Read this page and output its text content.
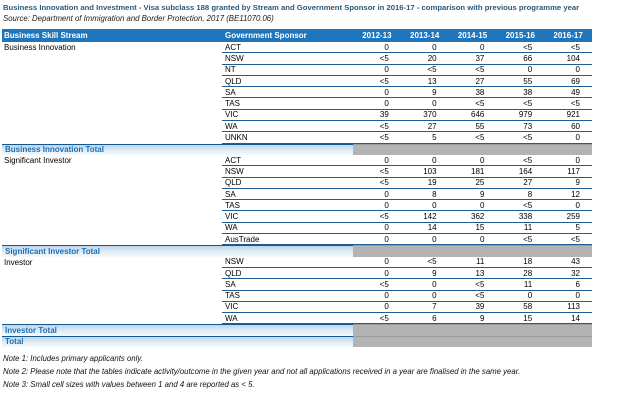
Business Innovation and Investment - Visa subclass 188 granted by Stream and Government Sponsor in 2016-17 - comparison with previous programme year
Source: Department of Immigration and Border Protection, 2017 (BE11070.06)
Business Skill Stream	Government Sponsor	2012-13	2013-14	2014-15	2015-16	2016-17
Business Innovation	ACT	0	0	0	<5	<5
NSW	<5	20	37	66	104
NT	0	<5	<5	0	0
QLD	<5	13	27	55	69
SA	0	9	38	38	49
TAS	0	0	<5	<5	<5
VIC	39	370	646	979	921
WA	<5	27	55	73	60
UNKN	<5	5	<5	<5	0
Business Innovation Total
Significant Investor	ACT	0	0	0	<5	0
NSW	<5	103	181	164	117
QLD	<5	19	25	27	9
SA	0	8	9	8	12
TAS	0	0	0	<5	0
VIC	<5	142	362	338	259
WA	0	14	15	11	5
AusTrade	0	0	0	<5	<5
Significant Investor Total
Investor	NSW	0	<5	11	18	43
QLD	0	9	13	28	32
SA	<5	0	<5	11	6
TAS	0	0	<5	0	0
VIC	0	7	39	58	113
WA	<5	6	9	15	14
Investor Total
Total
Note 1: Includes primary applicants only.
Note 2: Please note that the tables indicate activity/outcome in the given year and not all applications received in a year are finalised in the same year.
Note 3: Small cell sizes with values between 1 and 4 are reported as < 5.
